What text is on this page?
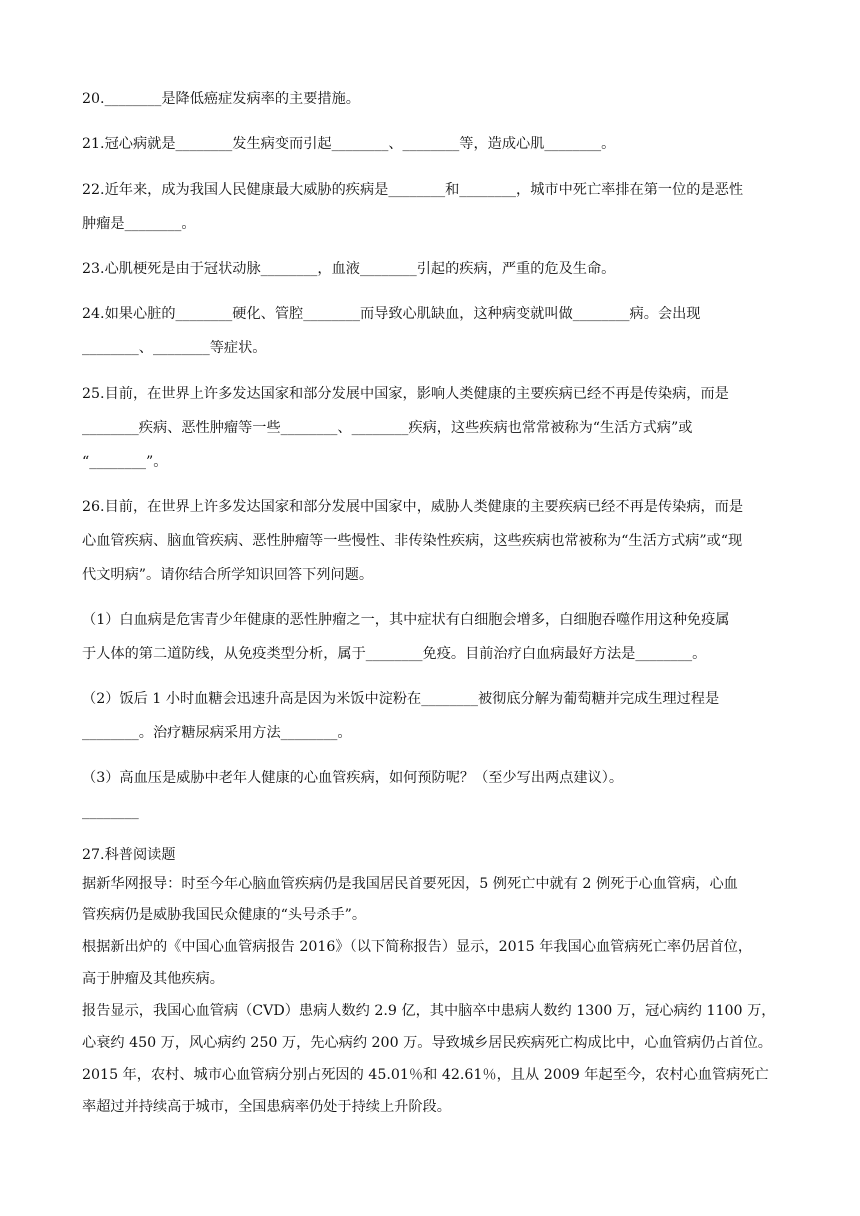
20.________是降低癌症发病率的主要措施。
21.冠心病就是________发生病变而引起________、________等，造成心肌________。
22.近年来，成为我国人民健康最大威胁的疾病是________和________，城市中死亡率排在第一位的是恶性
肿瘤是________。
23.心肌梗死是由于冠状动脉________，血液________引起的疾病，严重的危及生命。
24.如果心脏的________硬化、管腔________而导致心肌缺血，这种病变就叫做________病。会出现
________、________等症状。
25.目前，在世界上许多发达国家和部分发展中国家，影响人类健康的主要疾病已经不再是传染病，而是
________疾病、恶性肿瘤等一些________、________疾病，这些疾病也常常被称为“生活方式病”或
“________”。
26.目前，在世界上许多发达国家和部分发展中国家中，威胁人类健康的主要疾病已经不再是传染病，而是
心血管疾病、脑血管疾病、恶性肿瘤等一些慢性、非传染性疾病，这些疾病也常被称为“生活方式病”或“现
代文明病”。请你结合所学知识回答下列问题。
（1）白血病是危害青少年健康的恶性肿瘤之一，其中症状有白细胞会增多，白细胞吞噬作用这种免疫属
于人体的第二道防线，从免疫类型分析，属于________免疫。目前治疗白血病最好方法是________。
（2）饭后 1 小时血糖会迅速升高是因为米饭中淀粉在________被彻底分解为葡萄糖并完成生理过程是
________。治疗糖尿病采用方法________。
（3）高血压是威胁中老年人健康的心血管疾病，如何预防呢？（至少写出两点建议）。
________
27.科普阅读题
据新华网报导：时至今年心脑血管疾病仍是我国居民首要死因，5 例死亡中就有 2 例死于心血管病，心血
管疾病仍是威胁我国民众健康的“头号杀手”。
根据新出炉的《中国心血管病报告 2016》（以下简称报告）显示，2015 年我国心血管病死亡率仍居首位，
高于肿瘤及其他疾病。
报告显示，我国心血管病（CVD）患病人数约 2.9 亿，其中脑卒中患病人数约 1300 万，冠心病约 1100 万，
心衰约 450 万，风心病约 250 万，先心病约 200 万。导致城乡居民疾病死亡构成比中，心血管病仍占首位。
2015 年，农村、城市心血管病分别占死因的 45.01％和 42.61％，且从 2009 年起至今，农村心血管病死亡
率超过并持续高于城市，全国患病率仍处于持续上升阶段。
